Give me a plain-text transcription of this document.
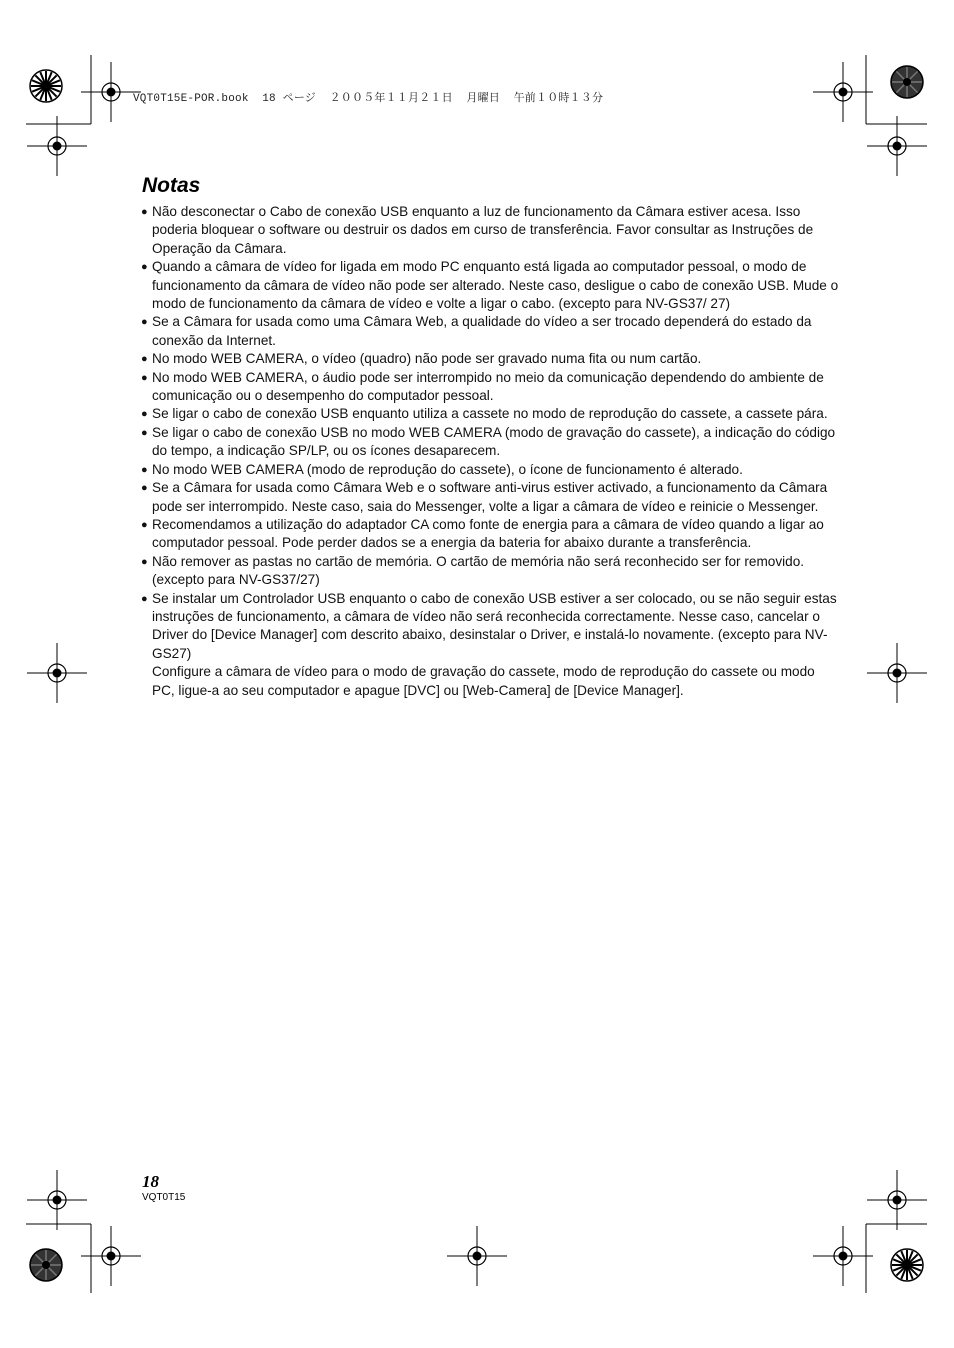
VQT0T15E-POR.book  18 ページ  ２００５年１１月２１日  月曜日  午前１０時１３分
Notas
● Não desconectar o Cabo de conexão USB enquanto a luz de funcionamento da Câmara estiver acesa. Isso poderia bloquear o software ou destruir os dados em curso de transferência. Favor consultar as Instruções de Operação da Câmara.
● Quando a câmara de vídeo for ligada em modo PC enquanto está ligada ao computador pessoal, o modo de funcionamento da câmara de vídeo não pode ser alterado. Neste caso, desligue o cabo de conexão USB. Mude o modo de funcionamento da câmara de vídeo e volte a ligar o cabo. (excepto para NV-GS37/ 27)
● Se a Câmara for usada como uma Câmara Web, a qualidade do vídeo a ser trocado dependerá do estado da conexão da Internet.
● No modo WEB CAMERA, o vídeo (quadro) não pode ser gravado numa fita ou num cartão.
● No modo WEB CAMERA, o áudio pode ser interrompido no meio da comunicação dependendo do ambiente de comunicação ou o desempenho do computador pessoal.
● Se ligar o cabo de conexão USB enquanto utiliza a cassete no modo de reprodução do cassete, a cassete pára.
● Se ligar o cabo de conexão USB no modo WEB CAMERA (modo de gravação do cassete), a indicação do código do tempo, a indicação SP/LP, ou os ícones desaparecem.
● No modo WEB CAMERA (modo de reprodução do cassete), o ícone de funcionamento é alterado.
● Se a Câmara for usada como Câmara Web e o software anti-virus estiver activado, a funcionamento da Câmara pode ser interrompido. Neste caso, saia do Messenger, volte a ligar a câmara de vídeo e reinicie o Messenger.
● Recomendamos a utilização do adaptador CA como fonte de energia para a câmara de vídeo quando a ligar ao computador pessoal. Pode perder dados se a energia da bateria for abaixo durante a transferência.
● Não remover as pastas no cartão de memória. O cartão de memória não será reconhecido ser for removido. (excepto para NV-GS37/27)
● Se instalar um Controlador USB enquanto o cabo de conexão USB estiver a ser colocado, ou se não seguir estas instruções de funcionamento, a câmara de vídeo não será reconhecida correctamente. Nesse caso, cancelar o Driver do [Device Manager] com descrito abaixo, desinstalar o Driver, e instalá-lo novamente. (excepto para NV-GS27)
Configure a câmara de vídeo para o modo de gravação do cassete, modo de reprodução do cassete ou modo PC, ligue-a ao seu computador e apague [DVC] ou [Web-Camera] de [Device Manager].
18
VQT0T15
